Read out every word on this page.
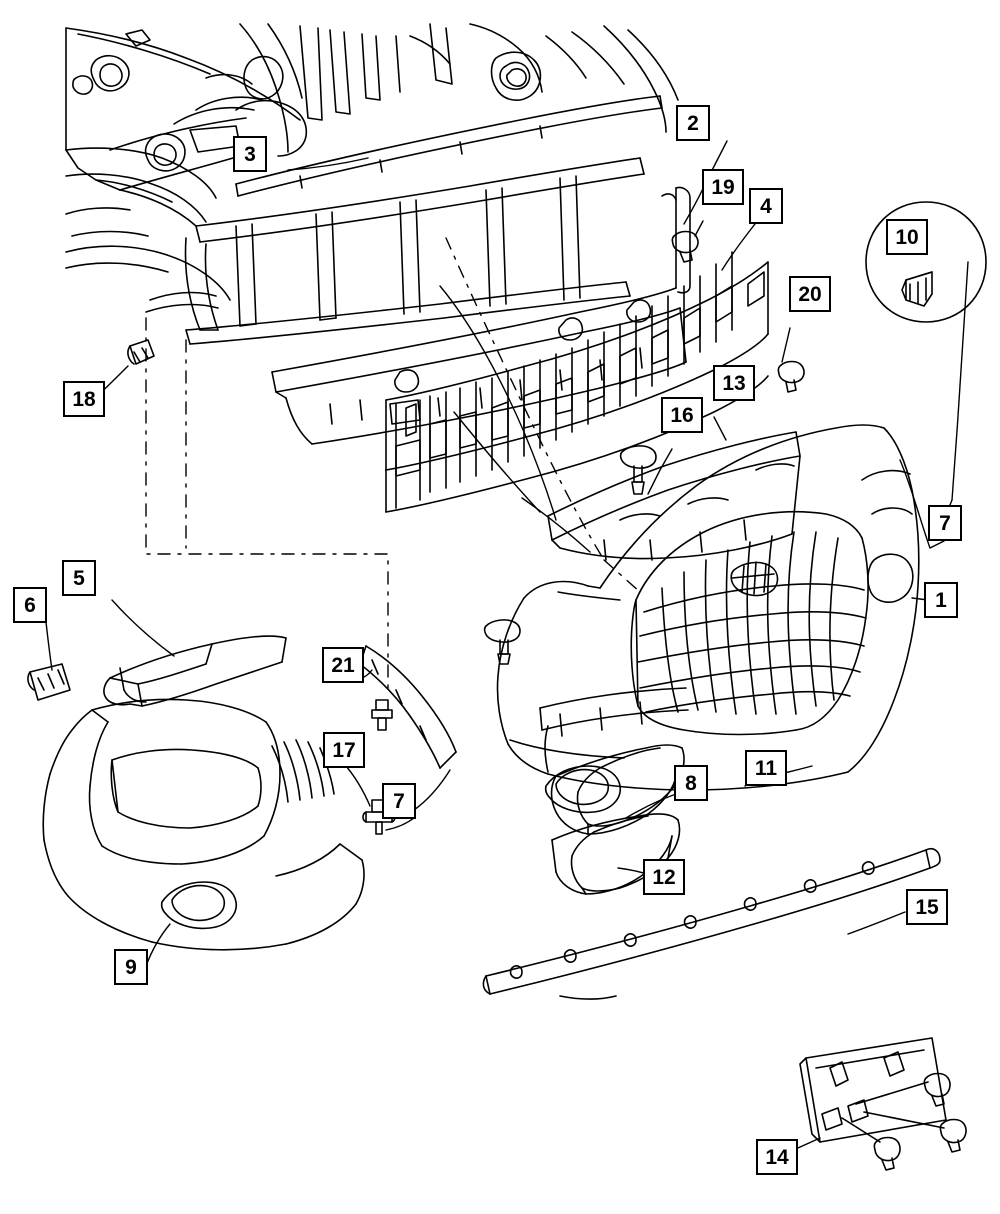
1
2
3
4
5
6
7
7
8
9
10
11
12
13
14
15
16
17
18
19
20
21
